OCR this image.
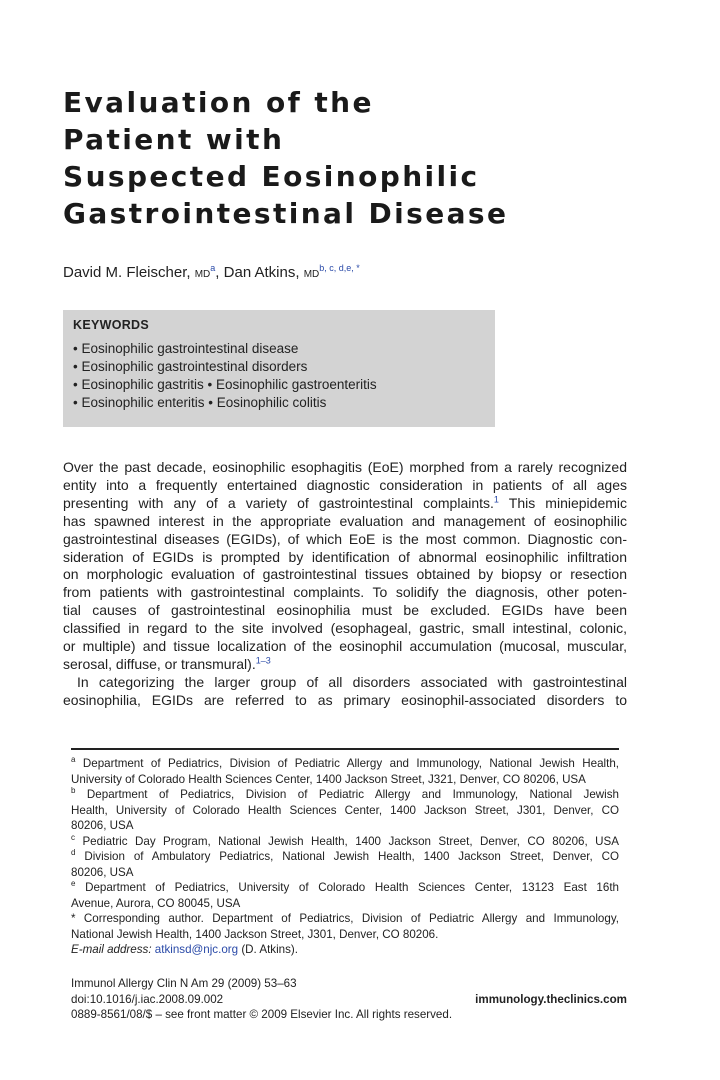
Evaluation of the
Patient with
Suspected Eosinophilic
Gastrointestinal Disease
David M. Fleischer, $MD^a$, Dan Atkins, $MD^{b, c, d,e, *}$
KEYWORDS
• Eosinophilic gastrointestinal disease
• Eosinophilic gastrointestinal disorders
• Eosinophilic gastritis • Eosinophilic gastroenteritis
• Eosinophilic enteritis • Eosinophilic colitis

Over the past decade, eosinophilic esophagitis (EoE) morphed from a rarely recognized
entity into a frequently entertained diagnostic consideration in patients of all ages
presenting with any of a variety of gastrointestinal complaints.$^1$ This miniepidemic
has spawned interest in the appropriate evaluation and management of eosinophilic
gastrointestinal diseases (EGIDs), of which EoE is the most common. Diagnostic con-
sideration of EGIDs is prompted by identification of abnormal eosinophilic infiltration
on morphologic evaluation of gastrointestinal tissues obtained by biopsy or resection
from patients with gastrointestinal complaints. To solidify the diagnosis, other poten-
tial causes of gastrointestinal eosinophilia must be excluded. EGIDs have been
classified in regard to the site involved (esophageal, gastric, small intestinal, colonic,
or multiple) and tissue localization of the eosinophil accumulation (mucosal, muscular,
serosal, diffuse, or transmural).$^{1-3}$

In categorizing the larger group of all disorders associated with gastrointestinal

eosinophilia, EGIDs are referred to as primary eosinophil-associated disorders to

$^a$ Department of Pediatrics, Division of Pediatric Allergy and Immunology, National Jewish Health,
University of Colorado Health Sciences Center, 1400 Jackson Street, J321, Denver, CO 80206, USA
$^b$ Department of Pediatrics, Division of Pediatric Allergy and Immunology, National Jewish
Health, University of Colorado Health Sciences Center, 1400 Jackson Street, J301, Denver, CO
80206, USA
$^c$ Pediatric Day Program, National Jewish Health, 1400 Jackson Street, Denver, CO 80206, USA
$^d$ Division of Ambulatory Pediatrics, National Jewish Health, 1400 Jackson Street, Denver, CO
80206, USA
$^e$ Department of Pediatrics, University of Colorado Health Sciences Center, 13123 East 16th
Avenue, Aurora, CO 80045, USA
* Corresponding author. Department of Pediatrics, Division of Pediatric Allergy and Immunology,
National Jewish Health, 1400 Jackson Street, J301, Denver, CO 80206.
E-mail address: atkinsd@njc.org (D. Atkins).
Immunol Allergy Clin N Am 29 (2009) 53–63
doi:10.1016/j.iac.2008.09.002	immunology.theclinics.com
0889-8561/08/$ – see front matter © 2009 Elsevier Inc. All rights reserved.
